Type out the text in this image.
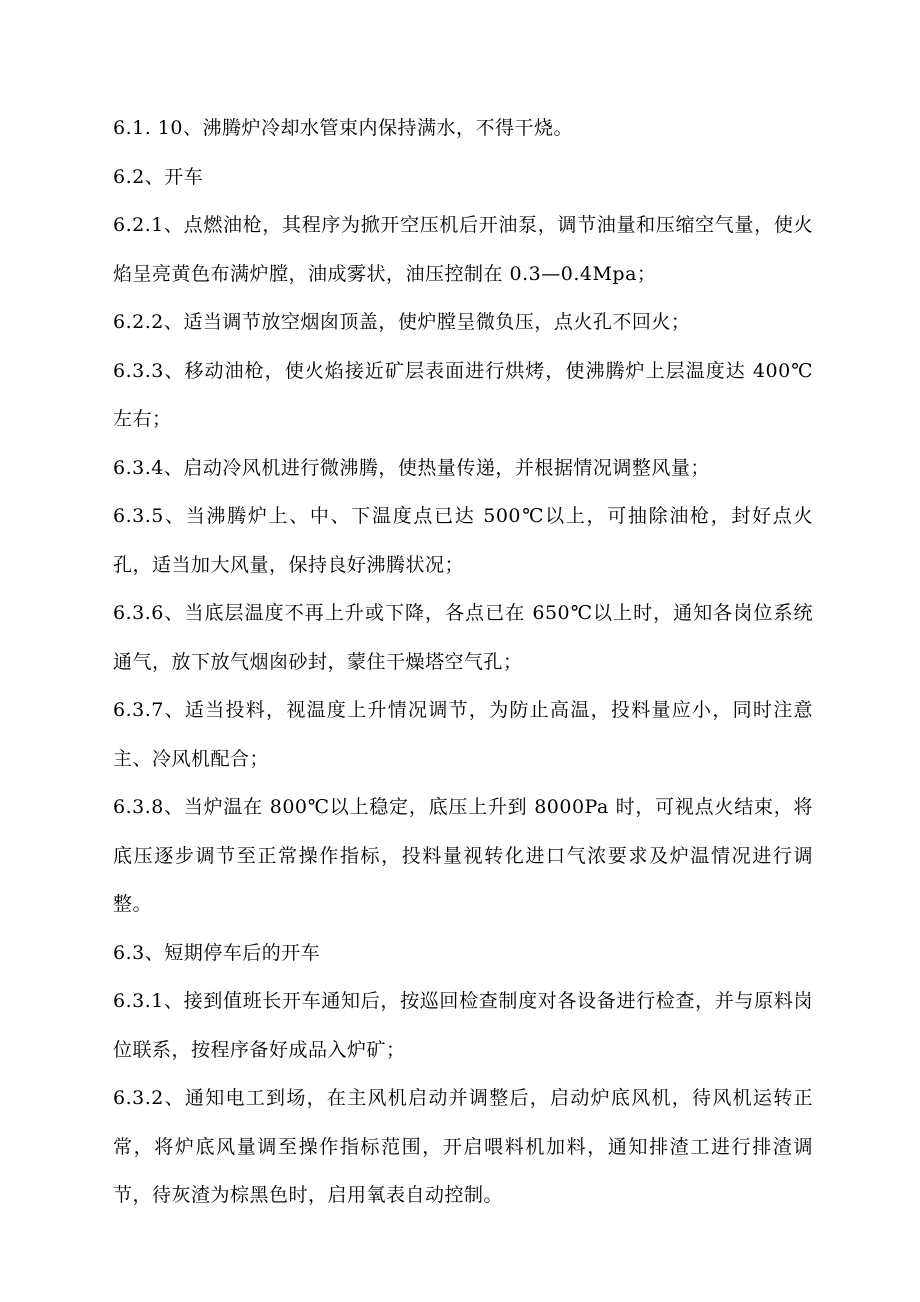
6.1. 10、沸腾炉冷却水管束内保持满水，不得干烧。

6.2、开车

6.2.1、点燃油枪，其程序为掀开空压机后开油泵，调节油量和压缩空气量，使火焰呈亮黄色布满炉膛，油成雾状，油压控制在 0.3—0.4Mpa；

6.2.2、适当调节放空烟囱顶盖，使炉膛呈微负压，点火孔不回火；

6.3.3、移动油枪，使火焰接近矿层表面进行烘烤，使沸腾炉上层温度达 400℃左右；

6.3.4、启动冷风机进行微沸腾，使热量传递，并根据情况调整风量；

6.3.5、当沸腾炉上、中、下温度点已达 500℃以上，可抽除油枪，封好点火孔，适当加大风量，保持良好沸腾状况；

6.3.6、当底层温度不再上升或下降，各点已在 650℃以上时，通知各岗位系统通气，放下放气烟囱砂封，蒙住干燥塔空气孔；

6.3.7、适当投料，视温度上升情况调节，为防止高温，投料量应小，同时注意主、冷风机配合；

6.3.8、当炉温在 800℃以上稳定，底压上升到 8000Pa 时，可视点火结束，将底压逐步调节至正常操作指标，投料量视转化进口气浓要求及炉温情况进行调整。

6.3、短期停车后的开车

6.3.1、接到值班长开车通知后，按巡回检查制度对各设备进行检查，并与原料岗位联系，按程序备好成品入炉矿；

6.3.2、通知电工到场，在主风机启动并调整后，启动炉底风机，待风机运转正常，将炉底风量调至操作指标范围，开启喂料机加料，通知排渣工进行排渣调节，待灰渣为棕黑色时，启用氧表自动控制。
